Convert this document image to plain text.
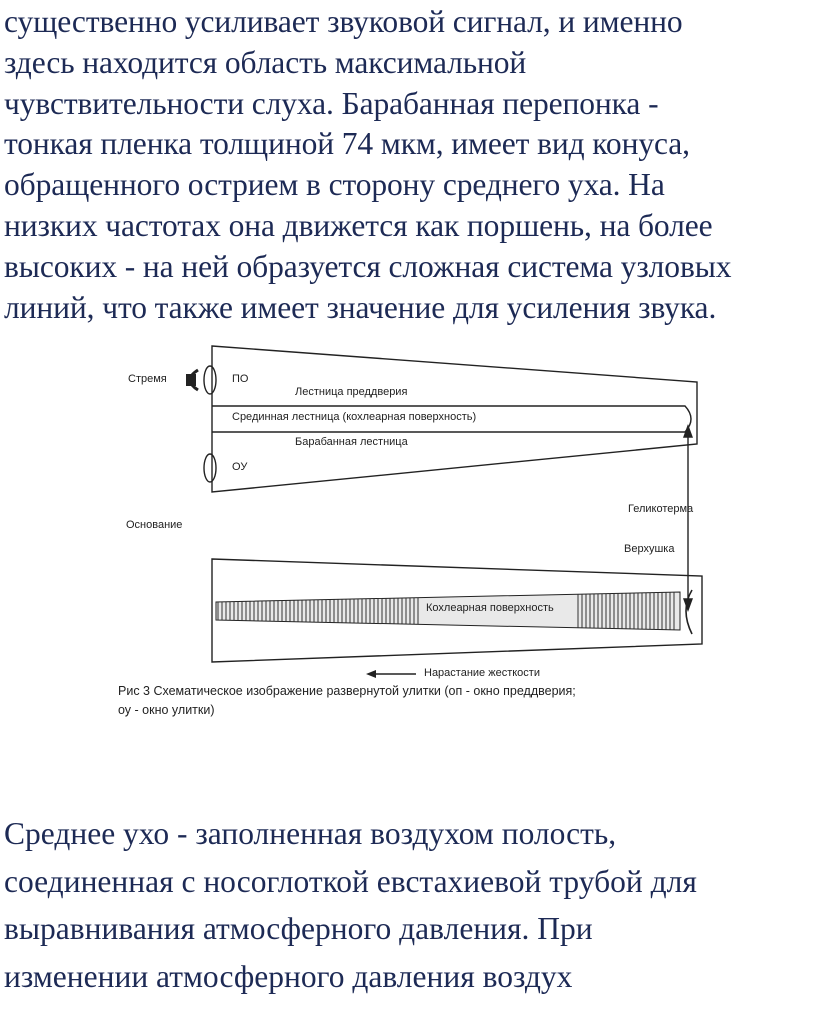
существенно усиливает звуковой сигнал, и именно
здесь находится область максимальной
чувствительности слуха. Барабанная перепонка -
тонкая пленка толщиной 74 мкм, имеет вид конуса,
обращенного острием в сторону среднего уха. На
низких частотах она движется как поршень, на более
высоких - на ней образуется сложная система узловых
линий, что также имеет значение для усиления звука.
Стремя	ПО
Лестница преддверия
Срединная лестница (кохлеарная поверхность)
Барабанная лестница
ОУ
Основание
Геликотерма
Верхушка
Кохлеарная поверхность
Нарастание жесткости
Рис 3 Схематическое изображение развернутой улитки (оп - окно преддверия;
оу - окно улитки)
Среднее ухо - заполненная воздухом полость,
соединенная с носоглоткой евстахиевой трубой для
выравнивания атмосферного давления. При
изменении атмосферного давления воздух
